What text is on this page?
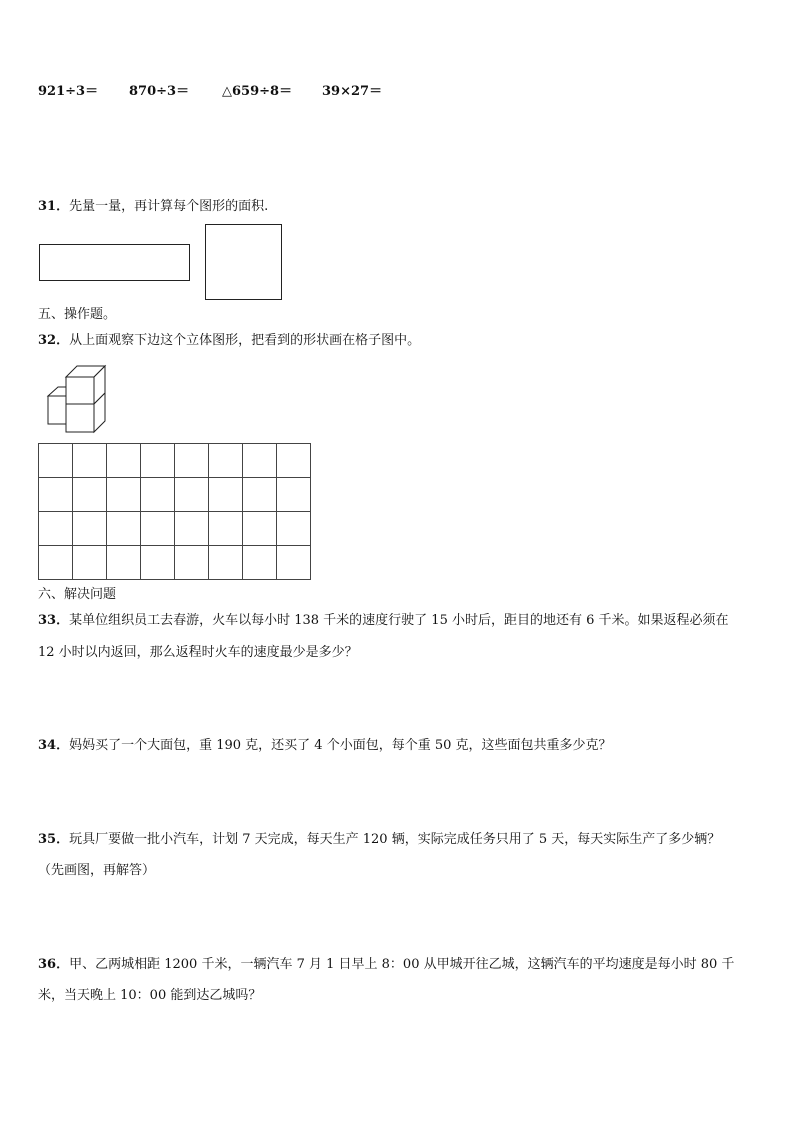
921÷3＝ 870÷3＝	△659÷8＝ 39×27＝
31．先量一量，再计算每个图形的面积.
五、操作题。
32．从上面观察下边这个立体图形，把看到的形状画在格子图中。

六、解决问题
33．某单位组织员工去春游，火车以每小时 138 千米的速度行驶了 15 小时后，距目的地还有 6 千米。如果返程必须在
12 小时以内返回，那么返程时火车的速度最少是多少？
34．妈妈买了一个大面包，重 190 克，还买了 4 个小面包，每个重 50 克，这些面包共重多少克？
35．玩具厂要做一批小汽车，计划 7 天完成，每天生产 120 辆，实际完成任务只用了 5 天，每天实际生产了多少辆？
（先画图，再解答）
36．甲、乙两城相距 1200 千米，一辆汽车 7 月 1 日早上 8：00 从甲城开往乙城，这辆汽车的平均速度是每小时 80 千
米，当天晚上 10：00 能到达乙城吗？
